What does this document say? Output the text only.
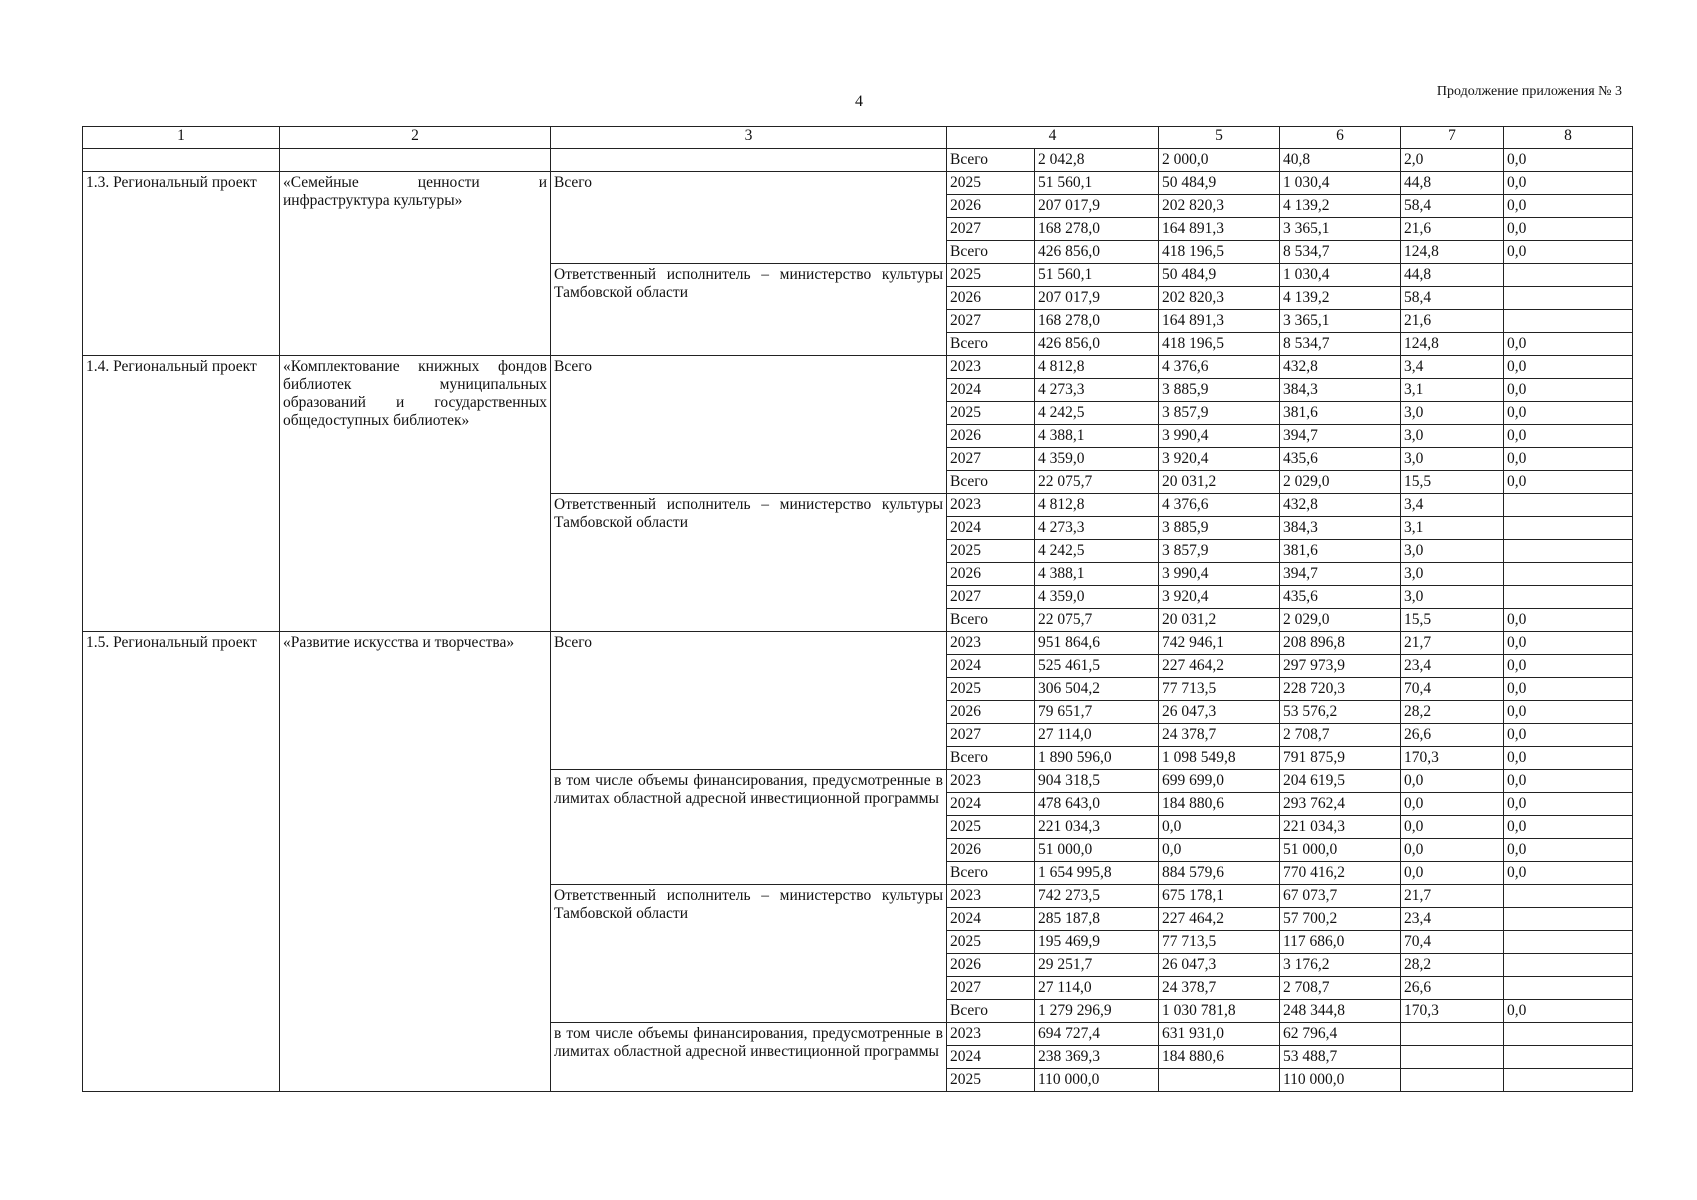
4
Продолжение приложения № 3
1	2	3	4		5	6	7	8
			Всего	2 042,8	2 000,0	40,8	2,0	0,0
1.3. Региональный проект	«Семейные ценности и инфраструктура культуры»	Всего	2025	51 560,1	50 484,9	1 030,4	44,8	0,0
			2026	207 017,9	202 820,3	4 139,2	58,4	0,0
			2027	168 278,0	164 891,3	3 365,1	21,6	0,0
			Всего	426 856,0	418 196,5	8 534,7	124,8	0,0
		Ответственный исполнитель – министерство культуры Тамбовской области	2025	51 560,1	50 484,9	1 030,4	44,8	
			2026	207 017,9	202 820,3	4 139,2	58,4	
			2027	168 278,0	164 891,3	3 365,1	21,6	
			Всего	426 856,0	418 196,5	8 534,7	124,8	0,0
1.4. Региональный проект	«Комплектование книжных фондов библиотек муниципальных образований и государственных общедоступных библиотек»	Всего	2023	4 812,8	4 376,6	432,8	3,4	0,0
			2024	4 273,3	3 885,9	384,3	3,1	0,0
			2025	4 242,5	3 857,9	381,6	3,0	0,0
			2026	4 388,1	3 990,4	394,7	3,0	0,0
			2027	4 359,0	3 920,4	435,6	3,0	0,0
			Всего	22 075,7	20 031,2	2 029,0	15,5	0,0
		Ответственный исполнитель – министерство культуры Тамбовской области	2023	4 812,8	4 376,6	432,8	3,4	
			2024	4 273,3	3 885,9	384,3	3,1	
			2025	4 242,5	3 857,9	381,6	3,0	
			2026	4 388,1	3 990,4	394,7	3,0	
			2027	4 359,0	3 920,4	435,6	3,0	
			Всего	22 075,7	20 031,2	2 029,0	15,5	0,0
1.5. Региональный проект	«Развитие искусства и творчества»	Всего	2023	951 864,6	742 946,1	208 896,8	21,7	0,0
			2024	525 461,5	227 464,2	297 973,9	23,4	0,0
			2025	306 504,2	77 713,5	228 720,3	70,4	0,0
			2026	79 651,7	26 047,3	53 576,2	28,2	0,0
			2027	27 114,0	24 378,7	2 708,7	26,6	0,0
			Всего	1 890 596,0	1 098 549,8	791 875,9	170,3	0,0
		в том числе объемы финансирования, предусмотренные в лимитах областной адресной инвестиционной программы	2023	904 318,5	699 699,0	204 619,5	0,0	0,0
			2024	478 643,0	184 880,6	293 762,4	0,0	0,0
			2025	221 034,3	0,0	221 034,3	0,0	0,0
			2026	51 000,0	0,0	51 000,0	0,0	0,0
			Всего	1 654 995,8	884 579,6	770 416,2	0,0	0,0
		Ответственный исполнитель – министерство культуры Тамбовской области	2023	742 273,5	675 178,1	67 073,7	21,7	
			2024	285 187,8	227 464,2	57 700,2	23,4	
			2025	195 469,9	77 713,5	117 686,0	70,4	
			2026	29 251,7	26 047,3	3 176,2	28,2	
			2027	27 114,0	24 378,7	2 708,7	26,6	
			Всего	1 279 296,9	1 030 781,8	248 344,8	170,3	0,0
		в том числе объемы финансирования, предусмотренные в лимитах областной адресной инвестиционной программы	2023	694 727,4	631 931,0	62 796,4		
			2024	238 369,3	184 880,6	53 488,7		
			2025	110 000,0		110 000,0		
